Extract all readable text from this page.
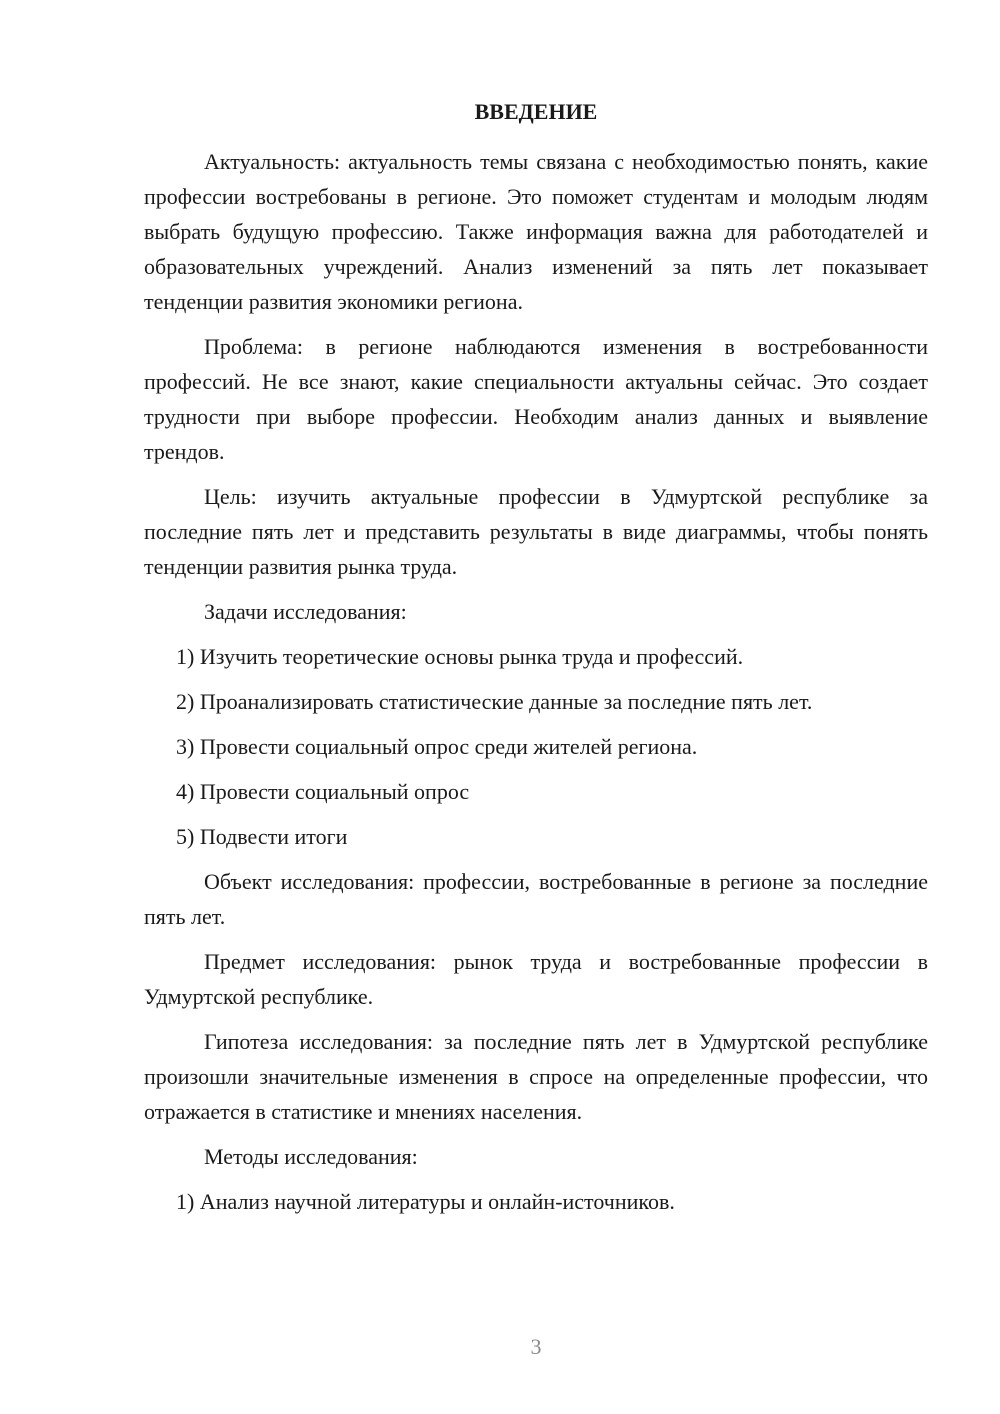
ВВЕДЕНИЕ

Актуальность: актуальность темы связана с необходимостью понять, какие профессии востребованы в регионе. Это поможет студентам и молодым людям выбрать будущую профессию. Также информация важна для работодателей и образовательных учреждений. Анализ изменений за пять лет показывает тенденции развития экономики региона.

Проблема: в регионе наблюдаются изменения в востребованности профессий. Не все знают, какие специальности актуальны сейчас. Это создает трудности при выборе профессии. Необходим анализ данных и выявление трендов.

Цель: изучить актуальные профессии в Удмуртской республике за последние пять лет и представить результаты в виде диаграммы, чтобы понять тенденции развития рынка труда.

Задачи исследования:
1) Изучить теоретические основы рынка труда и профессий.
2) Проанализировать статистические данные за последние пять лет.
3) Провести социальный опрос среди жителей региона.
4) Провести социальный опрос
5) Подвести итоги

Объект исследования: профессии, востребованные в регионе за последние пять лет.

Предмет исследования: рынок труда и востребованные профессии в Удмуртской республике.

Гипотеза исследования: за последние пять лет в Удмуртской республике произошли значительные изменения в спросе на определенные профессии, что отражается в статистике и мнениях населения.

Методы исследования:
1) Анализ научной литературы и онлайн-источников.
3
